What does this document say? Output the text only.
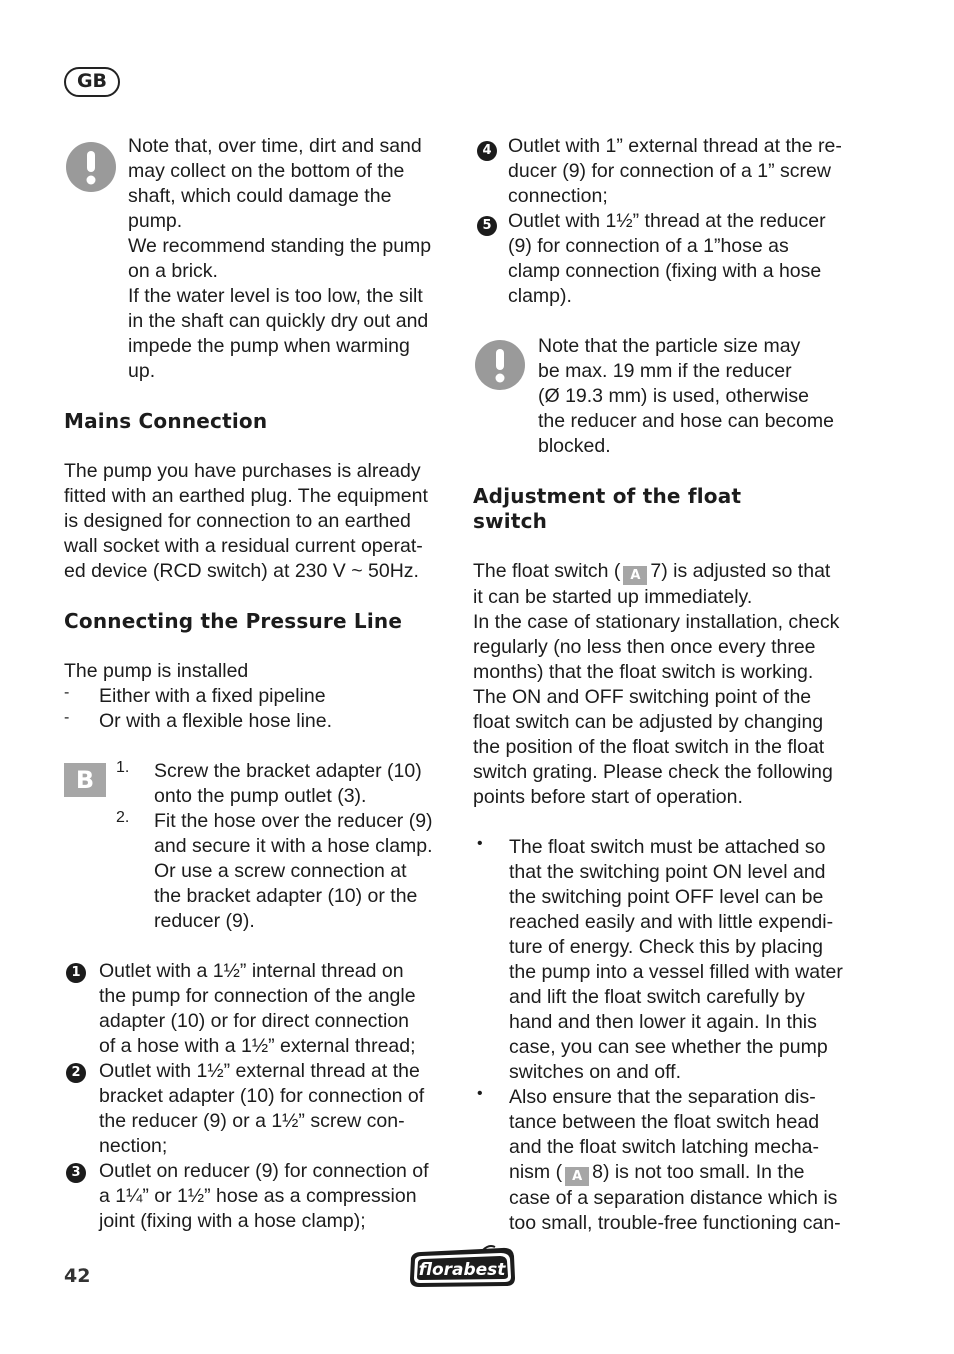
GB

Note that, over time, dirt and sand

may collect on the bottom of the

shaft, which could damage the

pump.

We recommend standing the pump

on a brick.

If the water level is too low, the silt

in the shaft can quickly dry out and

impede the pump when warming

up.

Mains Connection

The pump you have purchases is already

fitted with an earthed plug. The equipment

is designed for connection to an earthed

wall socket with a residual current operat-

ed device (RCD switch) at 230 V ~ 50Hz.

Connecting the Pressure Line

The pump is installed

- Either with a fixed pipeline

- Or with a flexible hose line.

B	1. Screw the bracket adapter (10)

onto the pump outlet (3).

2. Fit the hose over the reducer (9)

and secure it with a hose clamp.

Or use a screw connection at

the bracket adapter (10) or the

reducer (9).

1 Outlet with a 1½” internal thread on

the pump for connection of the angle

adapter (10) or for direct connection

of a hose with a 1½” external thread;

2 Outlet with 1½” external thread at the

bracket adapter (10) for connection of

the reducer (9) or a 1½” screw con-

nection;

3 Outlet on reducer (9) for connection of

a 1¼” or 1½” hose as a compression

joint (fixing with a hose clamp);

4 Outlet with 1” external thread at the re-

ducer (9) for connection of a 1” screw

connection;

5 Outlet with 1½” thread at the reducer

(9) for connection of a 1”hose as

clamp connection (fixing with a hose

clamp).

Note that the particle size may

be max. 19 mm if the reducer

(Ø 19.3 mm) is used, otherwise

the reducer and hose can become

blocked.

Adjustment of the float
switch

The float switch ( A 7) is adjusted so that

it can be started up immediately.

In the case of stationary installation, check

regularly (no less then once every three

months) that the float switch is working.

The ON and OFF switching point of the

float switch can be adjusted by changing

the position of the float switch in the float

switch grating. Please check the following

points before start of operation.

• The float switch must be attached so

that the switching point ON level and

the switching point OFF level can be

reached easily and with little expendi-

ture of energy. Check this by placing

the pump into a vessel filled with water

and lift the float switch carefully by

hand and then lower it again. In this

case, you can see whether the pump

switches on and off.

• Also ensure that the separation dis-

tance between the float switch head

and the float switch latching mecha-

nism ( A 8) is not too small. In the

case of a separation distance which is

too small, trouble-free functioning can-

42	florabest
